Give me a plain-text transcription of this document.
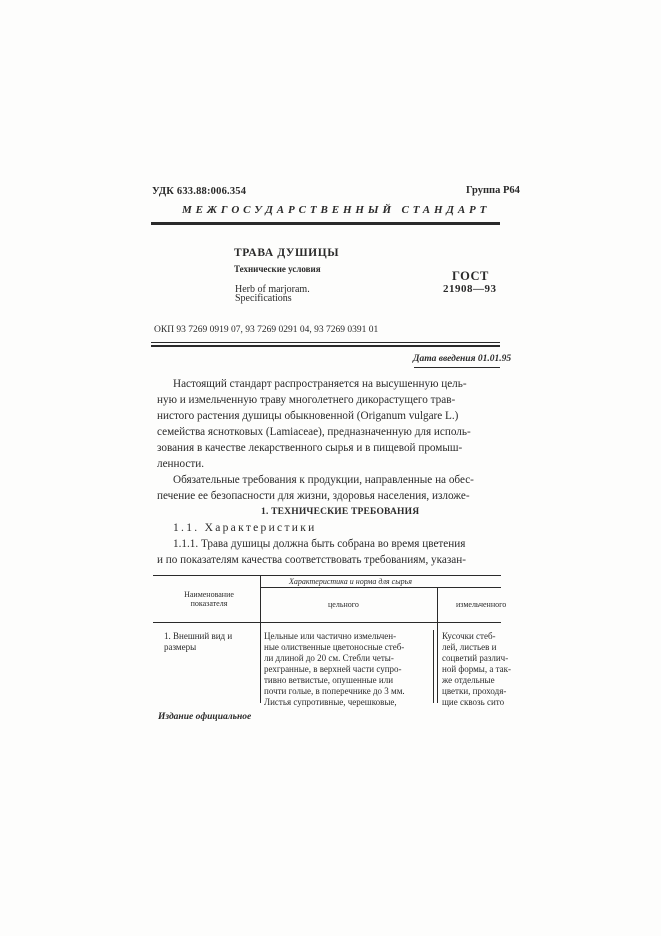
УДК 633.88:006.354	Группа Р64
МЕЖГОСУДАРСТВЕННЫЙ СТАНДАРТ
ТРАВА ДУШИЦЫ
Технические условия
Herb of marjoram.
Specifications
ГОСТ
21908—93
ОКП 93 7269 0919 07, 93 7269 0291 04, 93 7269 0391 01
Дата введения 01.01.95
Настоящий стандарт распространяется на высушенную цель-
ную и измельченную траву многолетнего дикорастущего трав-
нистого растения душицы обыкновенной (Origanum vulgare L.)
семейства яснотковых (Lamiaceae), предназначенную для исполь-
зования в качестве лекарственного сырья и в пищевой промыш-
ленности.
Обязательные требования к продукции, направленные на обес-
печение ее безопасности для жизни, здоровья населения, изложе-
1. ТЕХНИЧЕСКИЕ ТРЕБОВАНИЯ
1.1. Характеристики
1.1.1. Трава душицы должна быть собрана во время цветения
и по показателям качества соответствовать требованиям, указан-
Наименование
показателя
Характеристика и норма для сырья
цельного	измельченного
1. Внешний вид и
размеры
Цельные или частично измельчен-
ные олиственные цветоносные стеб-
ли длиной до 20 см. Стебли четы-
рехгранные, в верхней части супро-
тивно ветвистые, опушенные или
почти голые, в поперечнике до 3 мм.
Листья супротивные, черешковые,
Кусочки стеб-
лей, листьев и
соцветий различ-
ной формы, а так-
же отдельные
цветки, проходя-
щие сквозь сито
Издание официальное
